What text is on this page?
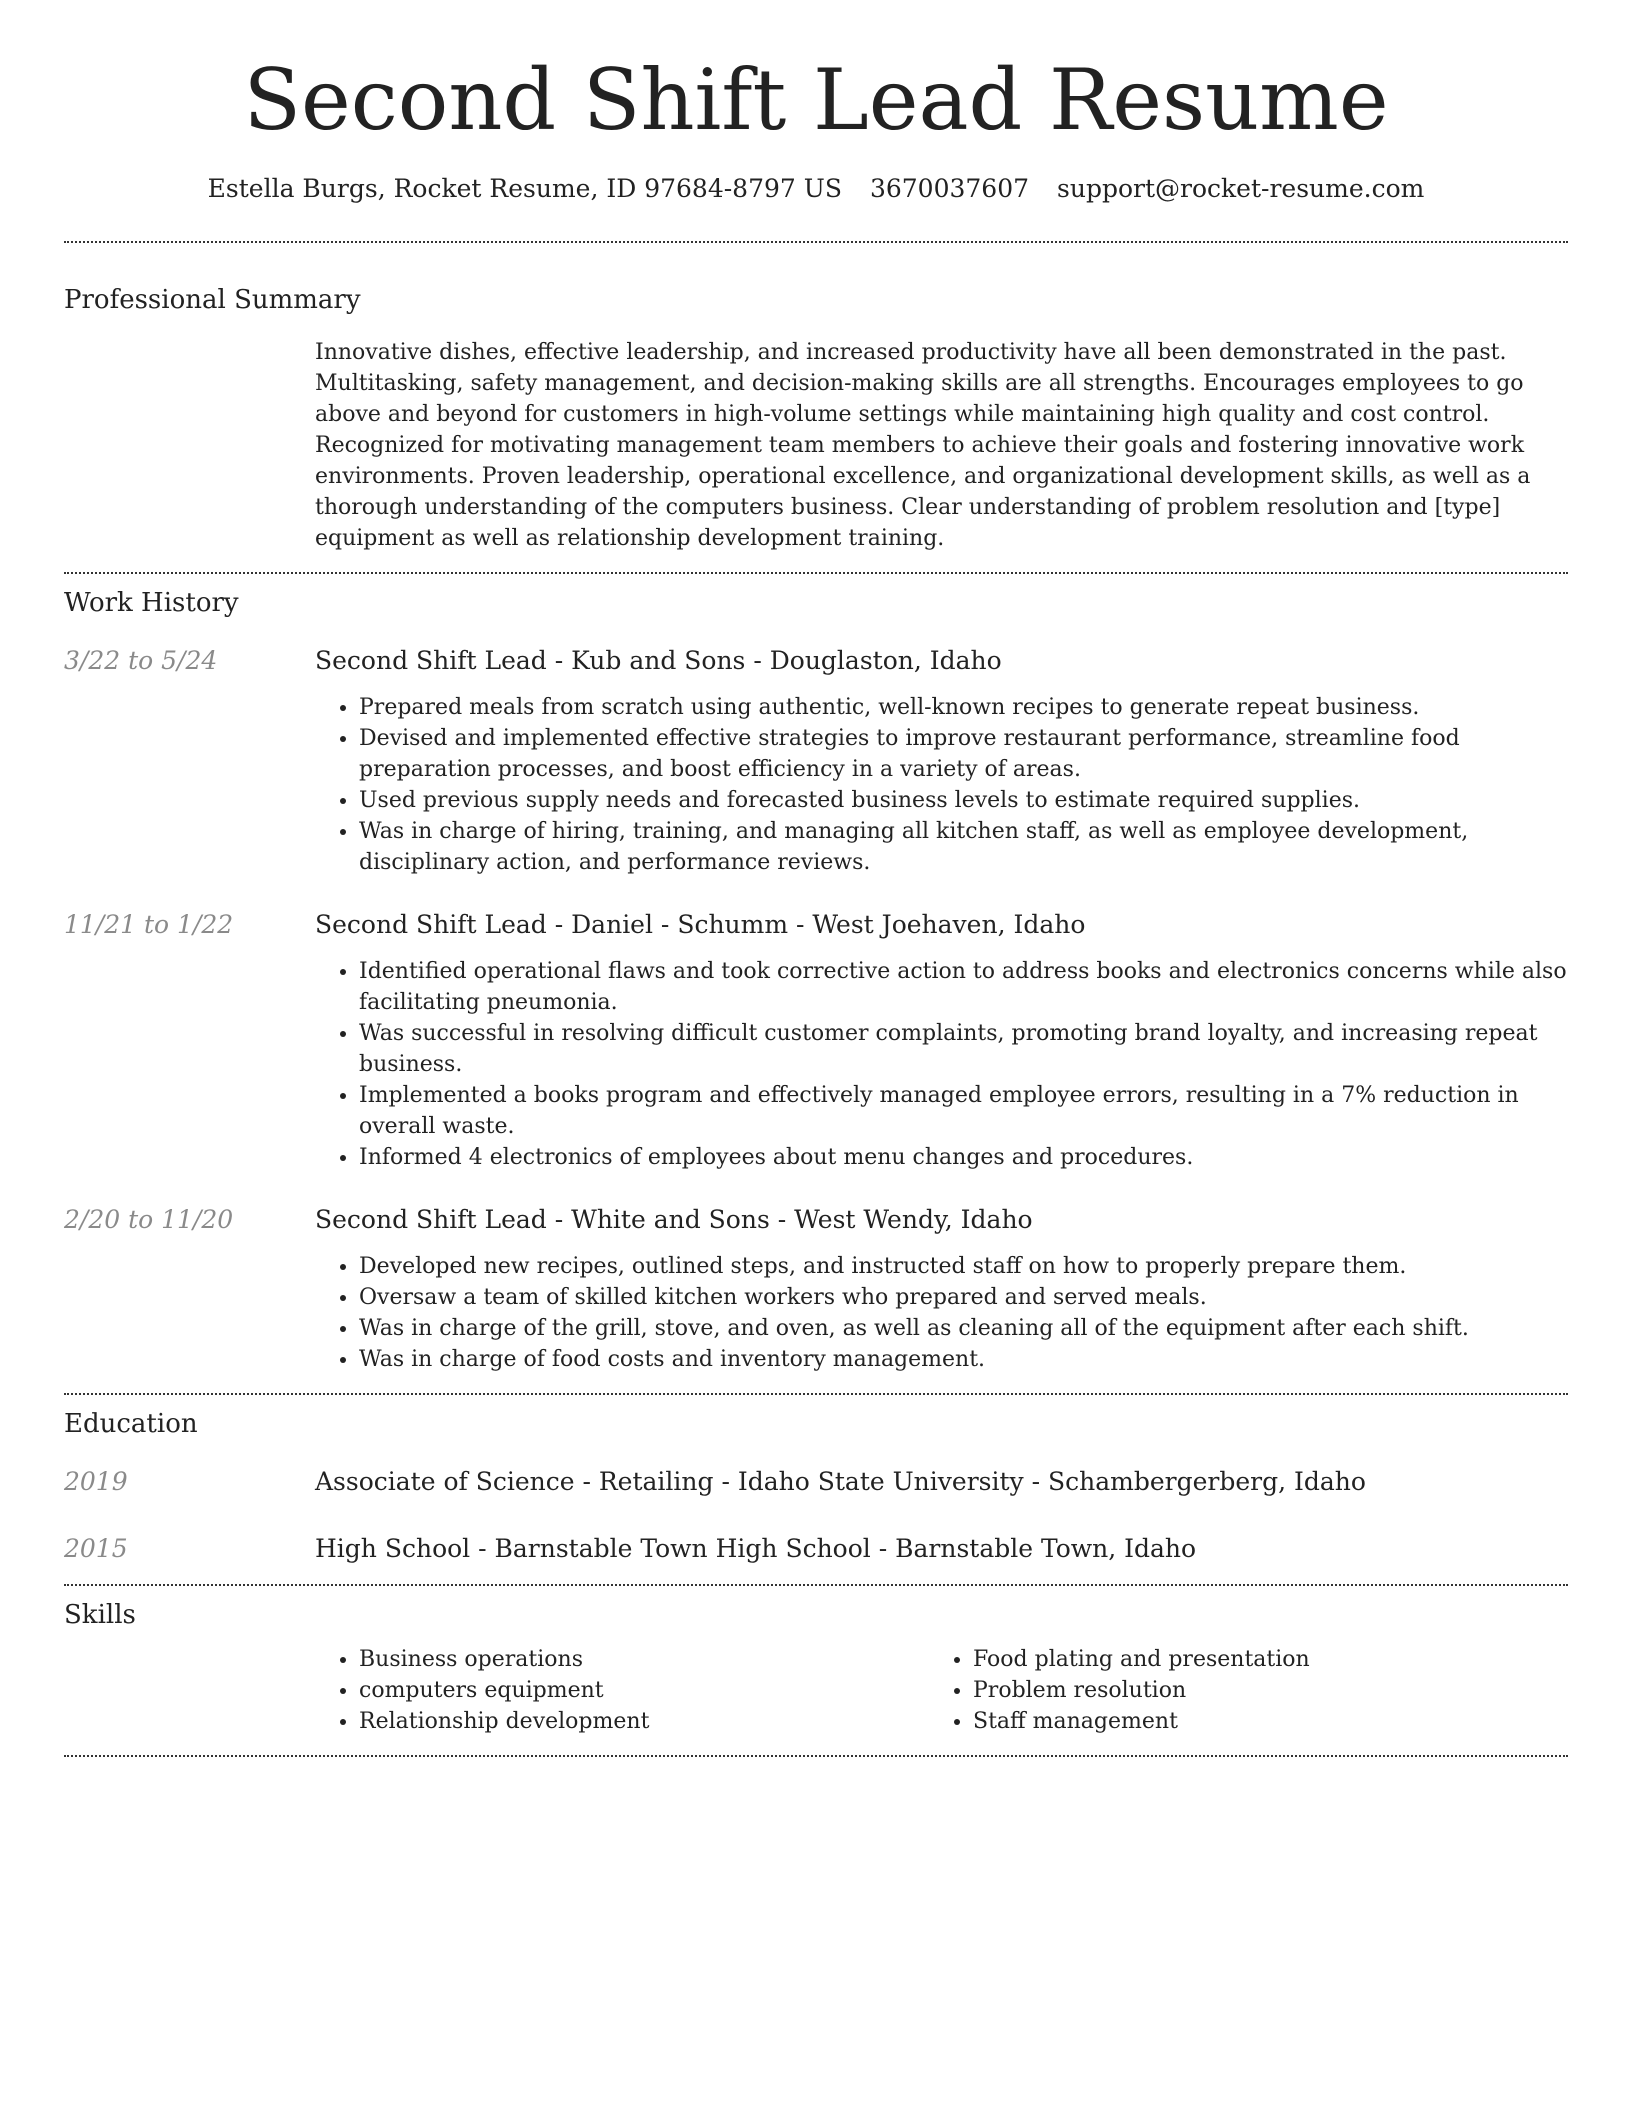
Second Shift Lead Resume
Estella Burgs, Rocket Resume, ID 97684-8797 US 3670037607 support@rocket-resume.com
Professional Summary
Innovative dishes, effective leadership, and increased productivity have all been demonstrated in the past. Multitasking, safety management, and decision-making skills are all strengths. Encourages employees to go above and beyond for customers in high-volume settings while maintaining high quality and cost control. Recognized for motivating management team members to achieve their goals and fostering innovative work environments. Proven leadership, operational excellence, and organizational development skills, as well as a thorough understanding of the computers business. Clear understanding of problem resolution and [type] equipment as well as relationship development training.
Work History
3/22 to 5/24	Second Shift Lead - Kub and Sons - Douglaston, Idaho
• Prepared meals from scratch using authentic, well-known recipes to generate repeat business.
• Devised and implemented effective strategies to improve restaurant performance, streamline food preparation processes, and boost efficiency in a variety of areas.
• Used previous supply needs and forecasted business levels to estimate required supplies.
• Was in charge of hiring, training, and managing all kitchen staff, as well as employee development, disciplinary action, and performance reviews.
11/21 to 1/22	Second Shift Lead - Daniel - Schumm - West Joehaven, Idaho
• Identified operational flaws and took corrective action to address books and electronics concerns while also facilitating pneumonia.
• Was successful in resolving difficult customer complaints, promoting brand loyalty, and increasing repeat business.
• Implemented a books program and effectively managed employee errors, resulting in a 7% reduction in overall waste.
• Informed 4 electronics of employees about menu changes and procedures.
2/20 to 11/20	Second Shift Lead - White and Sons - West Wendy, Idaho
• Developed new recipes, outlined steps, and instructed staff on how to properly prepare them.
• Oversaw a team of skilled kitchen workers who prepared and served meals.
• Was in charge of the grill, stove, and oven, as well as cleaning all of the equipment after each shift.
• Was in charge of food costs and inventory management.
Education
2019	Associate of Science - Retailing - Idaho State University - Schambergerberg, Idaho
2015	High School - Barnstable Town High School - Barnstable Town, Idaho
Skills
• Business operations
• computers equipment
• Relationship development
• Food plating and presentation
• Problem resolution
• Staff management
